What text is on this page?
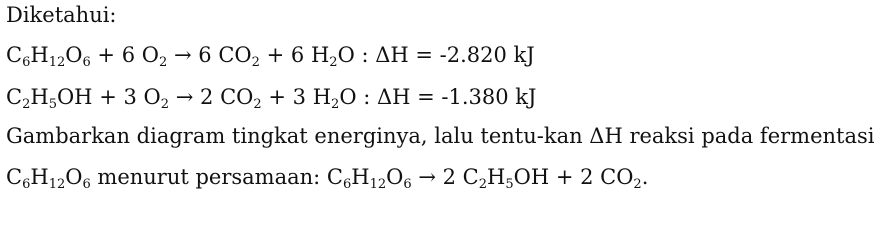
Diketahui:
$C_6H_{12}O_6 + 6$ $O_2 \to 6$ $CO_2 + 6$ $H_2O$ : ΔH = -2.820 kJ
$C_2H_5OH + 3$ $O_2 \to 2$ $CO_2 + 3$ $H_2O$ : ΔH = -1.380 kJ
Gambarkan diagram tingkat energinya, lalu tentu-kan ΔH reaksi pada fermentasi
$C_6H_{12}O_6$ menurut persamaan: $C_6H_{12}O_6 \to 2$ $C_2H_5OH + 2$ $CO_2$.
